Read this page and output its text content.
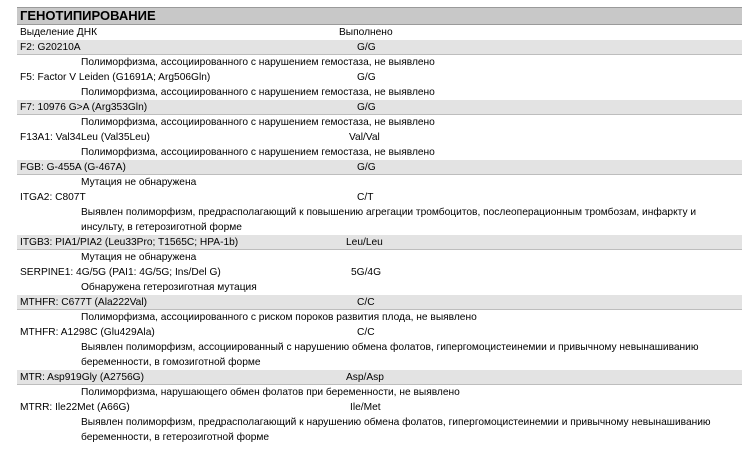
ГЕНОТИПИРОВАНИЕ
Выделение ДНК	Выполнено
F2: G20210A	G/G
Полиморфизма, ассоциированного с нарушением гемостаза, не выявлено
F5: Factor V Leiden (G1691A; Arg506Gln)	G/G
Полиморфизма, ассоциированного с нарушением гемостаза, не выявлено
F7: 10976 G>A (Arg353Gln)	G/G
Полиморфизма, ассоциированного с нарушением гемостаза, не выявлено
F13A1: Val34Leu (Val35Leu)	Val/Val
Полиморфизма, ассоциированного с нарушением гемостаза, не выявлено
FGB: G-455A (G-467A)	G/G
Мутация не обнаружена
ITGA2: C807T	C/T
Выявлен полиморфизм, предрасполагающий к повышению агрегации тромбоцитов, послеоперационным тромбозам, инфаркту и инсульту, в гетерозиготной форме
ITGB3: PIA1/PIA2 (Leu33Pro; T1565C; HPA-1b)	Leu/Leu
Мутация не обнаружена
SERPINE1: 4G/5G (PAI1: 4G/5G; Ins/Del G)	5G/4G
Обнаружена гетерозиготная мутация
MTHFR: C677T (Ala222Val)	C/C
Полиморфизма, ассоциированного с риском пороков развития плода, не выявлено
MTHFR: A1298C (Glu429Ala)	C/C
Выявлен полиморфизм, ассоциированный с нарушению обмена фолатов, гипергомоцистеинемии и привычному невынашиванию беременности, в гомозиготной форме
MTR: Asp919Gly (A2756G)	Asp/Asp
Полиморфизма, нарушающего обмен фолатов при беременности, не выявлено
MTRR: Ile22Met (A66G)	Ile/Met
Выявлен полиморфизм, предрасполагающий к нарушению обмена фолатов, гипергомоцистеинемии и привычному невынашиванию беременности, в гетерозиготной форме
